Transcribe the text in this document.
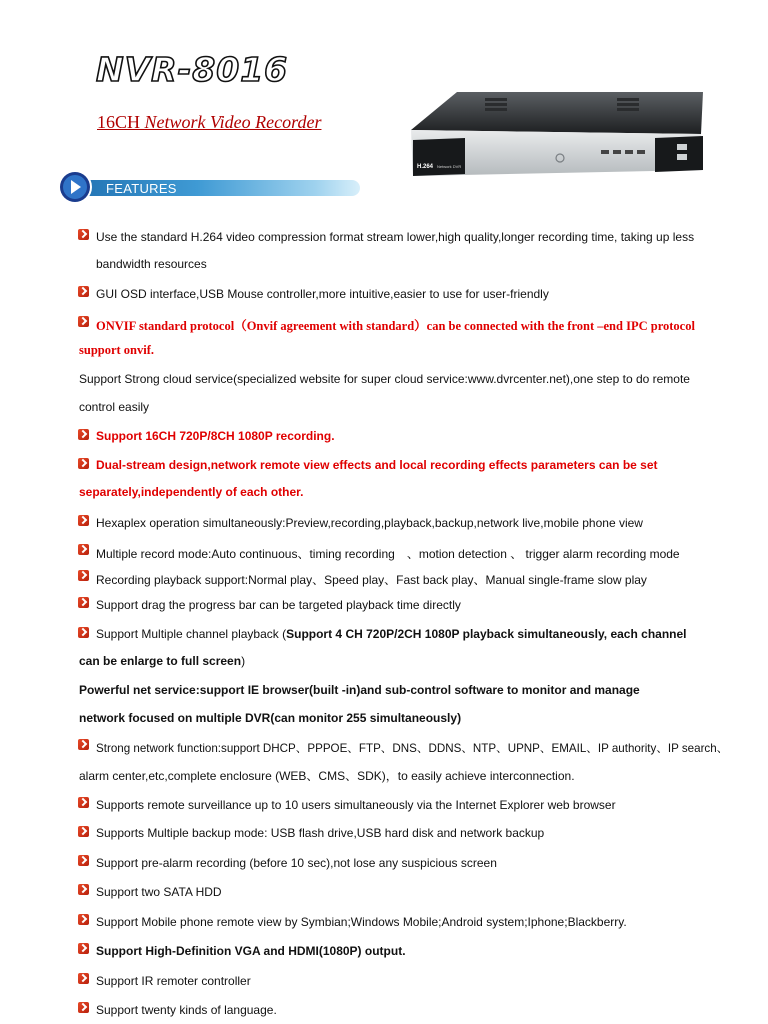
NVR-8016
16CH Network Video Recorder
H.264 Network DVR
FEATURES
Use the standard H.264 video compression format stream lower,high quality,longer recording time, taking up less
bandwidth resources
GUI OSD interface,USB Mouse controller,more intuitive,easier to use for user-friendly
ONVIF standard protocol（Onvif agreement with standard）can be connected with the front –end IPC protocol
support onvif.
Support Strong cloud service(specialized website for super cloud service:www.dvrcenter.net),one step to do remote
control easily
Support 16CH 720P/8CH 1080P recording.
Dual-stream design,network remote view effects and local recording effects parameters can be set
separately,independently of each other.
Hexaplex operation simultaneously:Preview,recording,playback,backup,network live,mobile phone view
Multiple record mode:Auto continuous、timing recording　、motion detection 、 trigger alarm recording mode
Recording playback support:Normal play、Speed play、Fast back play、Manual single-frame slow play
Support drag the progress bar can be targeted playback time directly
Support Multiple channel playback (Support 4 CH 720P/2CH 1080P playback simultaneously, each channel
can be enlarge to full screen)
Powerful net service:support IE browser(built -in)and sub-control software to monitor and manage
network focused on multiple DVR(can monitor 255 simultaneously)
Strong network function:support DHCP、PPPOE、FTP、DNS、DDNS、NTP、UPNP、EMAIL、IP authority、IP search、
alarm center,etc,complete enclosure (WEB、CMS、SDK)，to easily achieve interconnection.
Supports remote surveillance up to 10 users simultaneously via the Internet Explorer web browser
Supports Multiple backup mode: USB flash drive,USB hard disk and network backup
Support pre-alarm recording (before 10 sec),not lose any suspicious screen
Support two SATA HDD
Support Mobile phone remote view by Symbian;Windows Mobile;Android system;Iphone;Blackberry.
Support High-Definition VGA and HDMI(1080P) output.
Support IR remoter controller
Support twenty kinds of language.
